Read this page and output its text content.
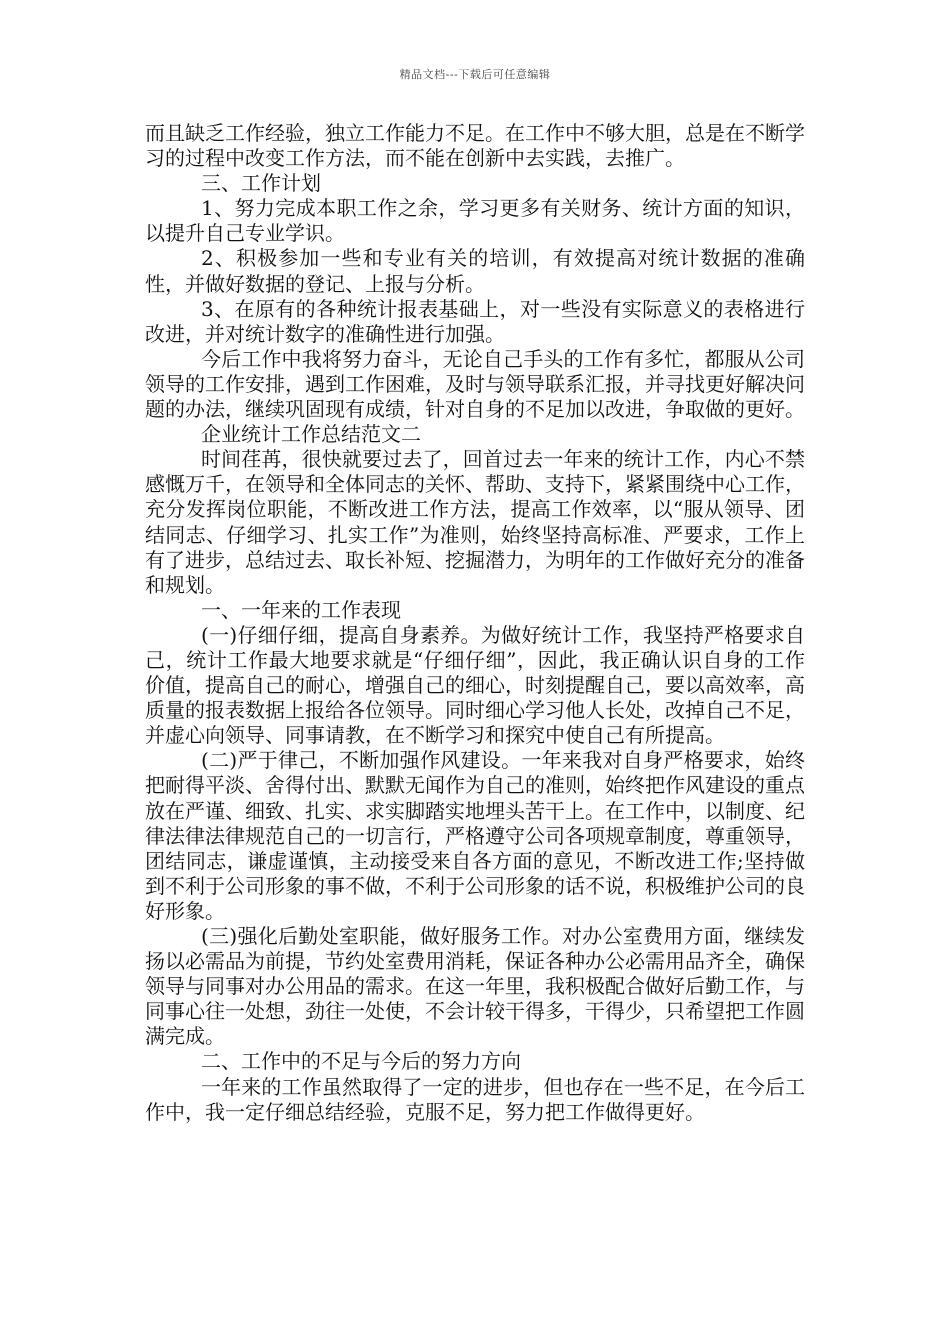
精品文档---下载后可任意编辑

而且缺乏工作经验，独立工作能力不足。在工作中不够大胆，总是在不断学习的过程中改变工作方法，而不能在创新中去实践，去推广。

三、工作计划

1、努力完成本职工作之余，学习更多有关财务、统计方面的知识，以提升自己专业学识。

2、积极参加一些和专业有关的培训，有效提高对统计数据的准确性，并做好数据的登记、上报与分析。

3、在原有的各种统计报表基础上，对一些没有实际意义的表格进行改进，并对统计数字的准确性进行加强。

今后工作中我将努力奋斗，无论自己手头的工作有多忙，都服从公司领导的工作安排，遇到工作困难，及时与领导联系汇报，并寻找更好解决问题的办法，继续巩固现有成绩，针对自身的不足加以改进，争取做的更好。

企业统计工作总结范文二

时间荏苒，很快就要过去了，回首过去一年来的统计工作，内心不禁感慨万千，在领导和全体同志的关怀、帮助、支持下，紧紧围绕中心工作，充分发挥岗位职能，不断改进工作方法，提高工作效率，以“服从领导、团结同志、仔细学习、扎实工作”为准则，始终坚持高标准、严要求，工作上有了进步，总结过去、取长补短、挖掘潜力，为明年的工作做好充分的准备和规划。

一、一年来的工作表现

(一)仔细仔细，提高自身素养。为做好统计工作，我坚持严格要求自己，统计工作最大地要求就是“仔细仔细”，因此，我正确认识自身的工作价值，提高自己的耐心，增强自己的细心，时刻提醒自己，要以高效率，高质量的报表数据上报给各位领导。同时细心学习他人长处，改掉自己不足，并虚心向领导、同事请教，在不断学习和探究中使自己有所提高。

(二)严于律己，不断加强作风建设。一年来我对自身严格要求，始终把耐得平淡、舍得付出、默默无闻作为自己的准则，始终把作风建设的重点放在严谨、细致、扎实、求实脚踏实地埋头苦干上。在工作中，以制度、纪律法律法律规范自己的一切言行，严格遵守公司各项规章制度，尊重领导，团结同志，谦虚谨慎，主动接受来自各方面的意见，不断改进工作;坚持做到不利于公司形象的事不做，不利于公司形象的话不说，积极维护公司的良好形象。

(三)强化后勤处室职能，做好服务工作。对办公室费用方面，继续发扬以必需品为前提，节约处室费用消耗，保证各种办公必需用品齐全，确保领导与同事对办公用品的需求。在这一年里，我积极配合做好后勤工作，与同事心往一处想，劲往一处使，不会计较干得多，干得少，只希望把工作圆满完成。

二、工作中的不足与今后的努力方向

一年来的工作虽然取得了一定的进步，但也存在一些不足，在今后工作中，我一定仔细总结经验，克服不足，努力把工作做得更好。
